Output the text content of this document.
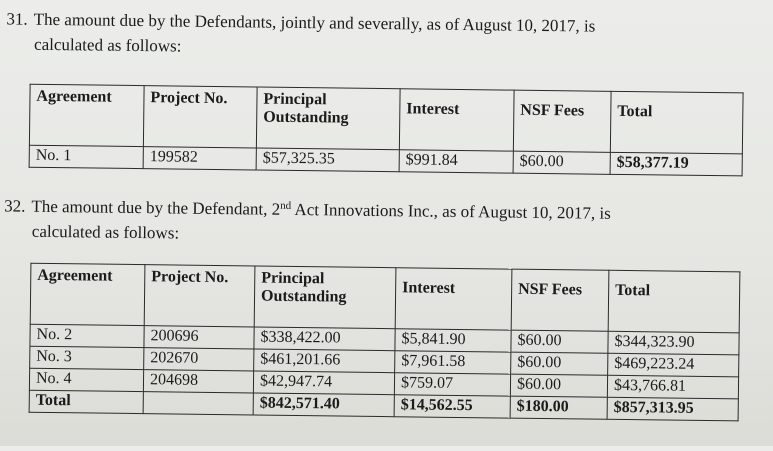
31. The amount due by the Defendants, jointly and severally, as of August 10, 2017, is
calculated as follows:
Agreement	Project No.	Principal Outstanding	Interest	NSF Fees	Total
No. 1	199582	$57,325.35	$991.84	$60.00	$58,377.19
32. The amount due by the Defendant, 2nd Act Innovations Inc., as of August 10, 2017, is
calculated as follows:
Agreement	Project No.	Principal Outstanding	Interest	NSF Fees	Total
No. 2	200696	$338,422.00	$5,841.90	$60.00	$344,323.90
No. 3	202670	$461,201.66	$7,961.58	$60.00	$469,223.24
No. 4	204698	$42,947.74	$759.07	$60.00	$43,766.81
Total		$842,571.40	$14,562.55	$180.00	$857,313.95
